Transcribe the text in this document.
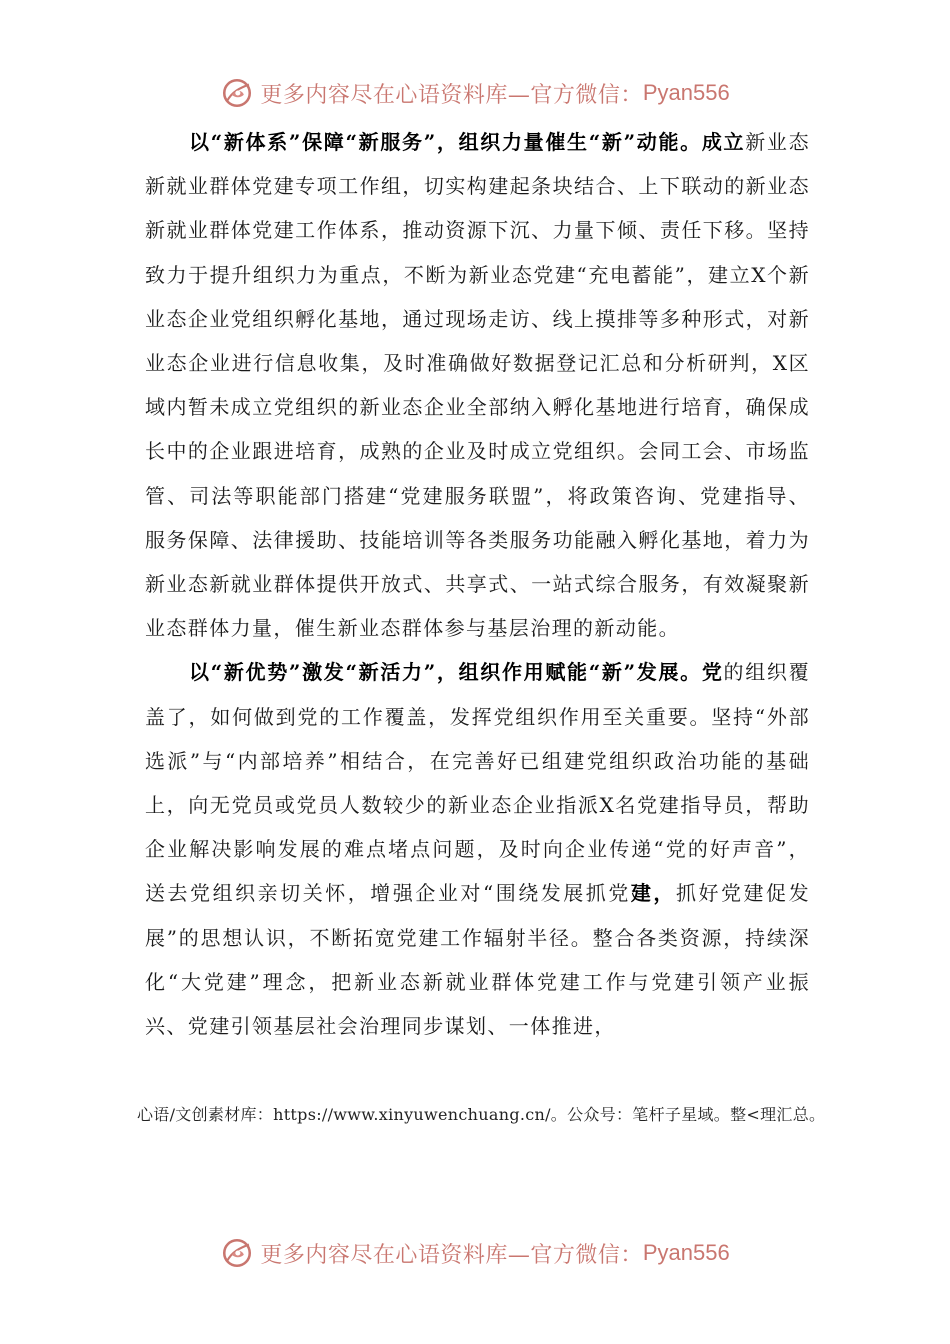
更多内容尽在心语资料库—官方微信： Pyan556

以“新体系”保障“新服务”，组织力量催生“新”动能。成立新业态新就业群体党建专项工作组，切实构建起条块结合、上下联动的新业态新就业群体党建工作体系，推动资源下沉、力量下倾、责任下移。坚持致力于提升组织力为重点，不断为新业态党建“充电蓄能”，建立X个新业态企业党组织孵化基地，通过现场走访、线上摸排等多种形式，对新业态企业进行信息收集，及时准确做好数据登记汇总和分析研判，X区域内暂未成立党组织的新业态企业全部纳入孵化基地进行培育，确保成长中的企业跟进培育，成熟的企业及时成立党组织。会同工会、市场监管、司法等职能部门搭建“党建服务联盟”，将政策咨询、党建指导、服务保障、法律援助、技能培训等各类服务功能融入孵化基地，着力为新业态新就业群体提供开放式、共享式、一站式综合服务，有效凝聚新业态群体力量，催生新业态群体参与基层治理的新动能。

以“新优势”激发“新活力”，组织作用赋能“新”发展。党的组织覆盖了，如何做到党的工作覆盖，发挥党组织作用至关重要。坚持“外部选派”与“内部培养”相结合，在完善好已组建党组织政治功能的基础上，向无党员或党员人数较少的新业态企业指派X名党建指导员，帮助企业解决影响发展的难点堵点问题，及时向企业传递“党的好声音”，送去党组织亲切关怀，增强企业对“围绕发展抓党建，抓好党建促发展”的思想认识，不断拓宽党建工作辐射半径。整合各类资源，持续深化“大党建”理念，把新业态新就业群体党建工作与党建引领产业振兴、党建引领基层社会治理同步谋划、一体推进，

心语/文创素材库：https://www.xinyuwenchuang.cn/。公众号：笔杆子星域。整<理汇总。
更多内容尽在心语资料库—官方微信： Pyan556
